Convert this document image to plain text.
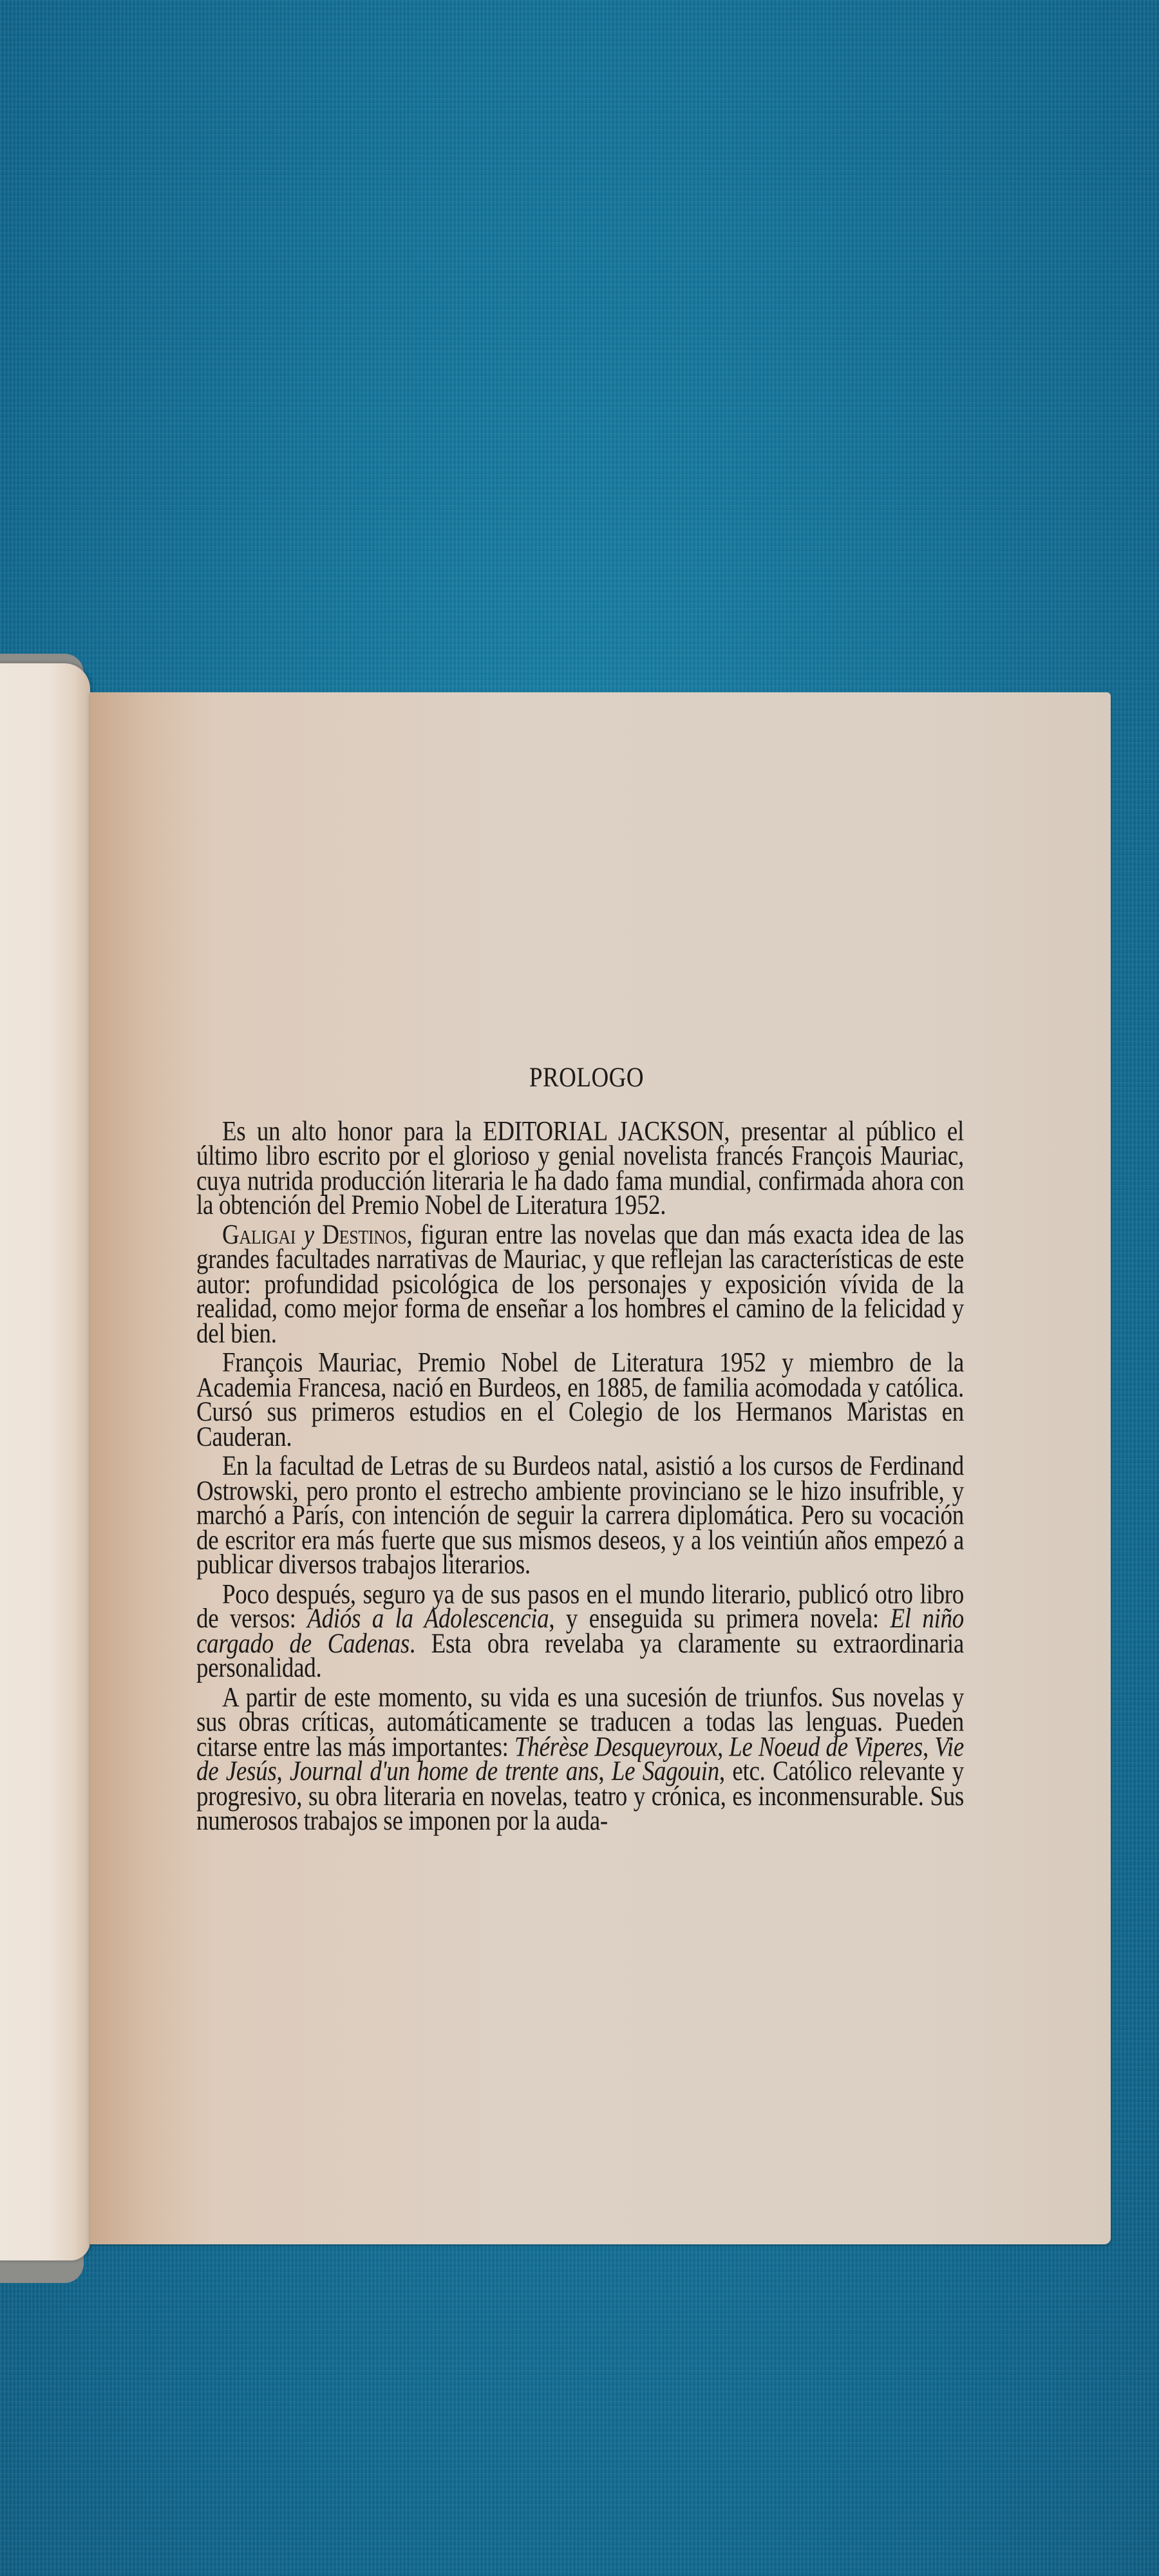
PROLOGO

Es un alto honor para la EDITORIAL JACKSON, presentar al público el último libro escrito por el glorioso y genial novelista francés François Mauriac, cuya nutrida producción literaria le ha dado fama mundial, confirmada ahora con la obtención del Premio Nobel de Literatura 1952.

Galigai y Destinos, figuran entre las novelas que dan más exacta idea de las grandes facultades narrativas de Mauriac, y que reflejan las características de este autor: profundidad psicológica de los personajes y exposición vívida de la realidad, como mejor forma de enseñar a los hombres el camino de la felicidad y del bien.

François Mauriac, Premio Nobel de Literatura 1952 y miembro de la Academia Francesa, nació en Burdeos, en 1885, de familia acomodada y católica. Cursó sus primeros estudios en el Colegio de los Hermanos Maristas en Cauderan.

En la facultad de Letras de su Burdeos natal, asistió a los cursos de Ferdinand Ostrowski, pero pronto el estrecho ambiente provinciano se le hizo insufrible, y marchó a París, con intención de seguir la carrera diplomática. Pero su vocación de escritor era más fuerte que sus mismos deseos, y a los veintiún años empezó a publicar diversos trabajos literarios.

Poco después, seguro ya de sus pasos en el mundo literario, publicó otro libro de versos: Adiós a la Adolescencia, y enseguida su primera novela: El niño cargado de Cadenas. Esta obra revelaba ya claramente su extraordinaria personalidad.

A partir de este momento, su vida es una sucesión de triunfos. Sus novelas y sus obras críticas, automáticamente se traducen a todas las lenguas. Pueden citarse entre las más importantes: Thérèse Desqueyroux, Le Noeud de Viperes, Vie de Jesús, Journal d'un home de trente ans, Le Sagouin, etc. Católico relevante y progresivo, su obra literaria en novelas, teatro y crónica, es inconmensurable. Sus numerosos trabajos se imponen por la auda-
